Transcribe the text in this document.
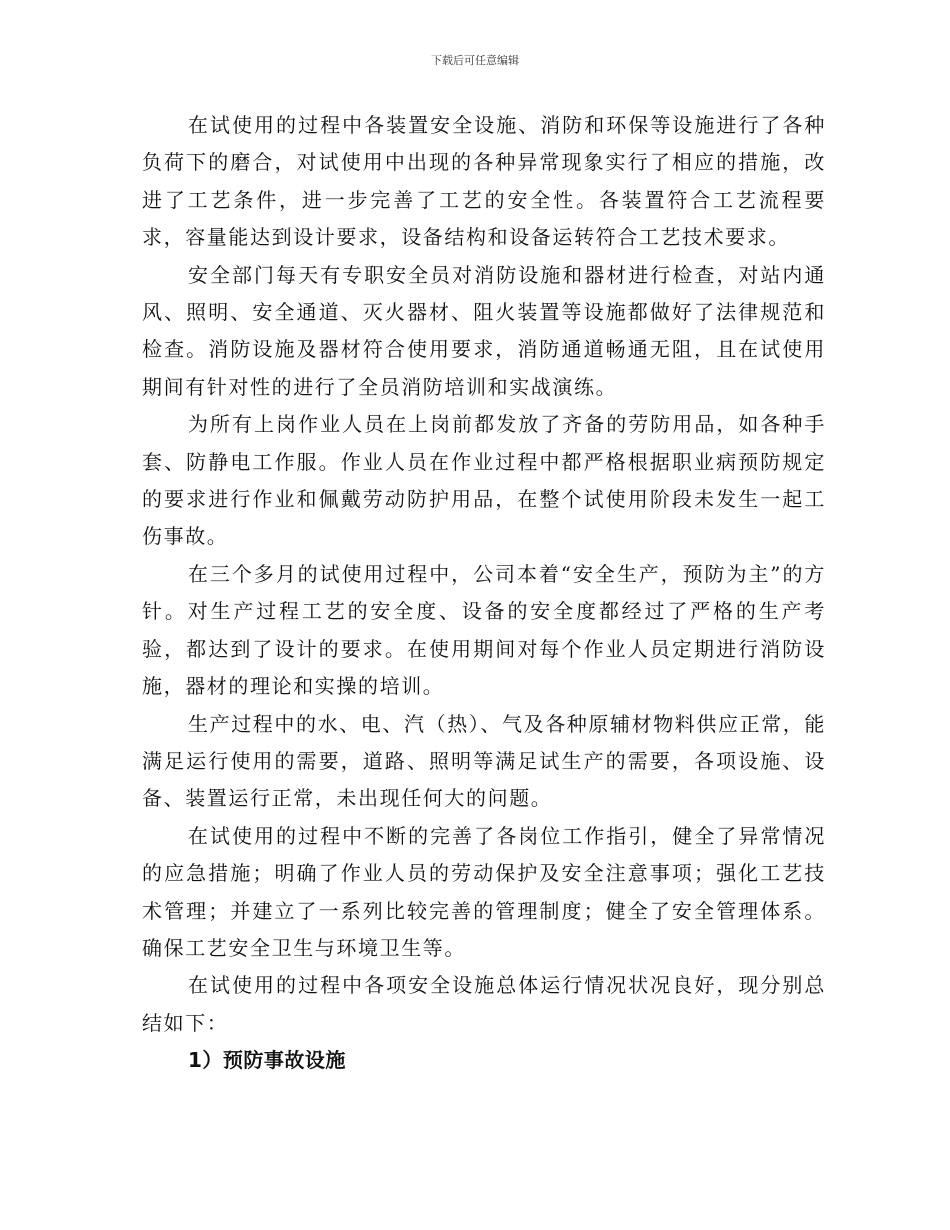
下载后可任意编辑

在试使用的过程中各装置安全设施、消防和环保等设施进行了各种负荷下的磨合，对试使用中出现的各种异常现象实行了相应的措施，改进了工艺条件，进一步完善了工艺的安全性。各装置符合工艺流程要求，容量能达到设计要求，设备结构和设备运转符合工艺技术要求。

安全部门每天有专职安全员对消防设施和器材进行检查，对站内通风、照明、安全通道、灭火器材、阻火装置等设施都做好了法律规范和检查。消防设施及器材符合使用要求，消防通道畅通无阻，且在试使用期间有针对性的进行了全员消防培训和实战演练。

为所有上岗作业人员在上岗前都发放了齐备的劳防用品，如各种手套、防静电工作服。作业人员在作业过程中都严格根据职业病预防规定的要求进行作业和佩戴劳动防护用品，在整个试使用阶段未发生一起工伤事故。

在三个多月的试使用过程中，公司本着“安全生产，预防为主”的方针。对生产过程工艺的安全度、设备的安全度都经过了严格的生产考验，都达到了设计的要求。在使用期间对每个作业人员定期进行消防设施，器材的理论和实操的培训。

生产过程中的水、电、汽（热）、气及各种原辅材物料供应正常，能满足运行使用的需要，道路、照明等满足试生产的需要，各项设施、设备、装置运行正常，未出现任何大的问题。

在试使用的过程中不断的完善了各岗位工作指引，健全了异常情况的应急措施；明确了作业人员的劳动保护及安全注意事项；强化工艺技术管理；并建立了一系列比较完善的管理制度；健全了安全管理体系。确保工艺安全卫生与环境卫生等。

在试使用的过程中各项安全设施总体运行情况状况良好，现分别总结如下：

1）预防事故设施
